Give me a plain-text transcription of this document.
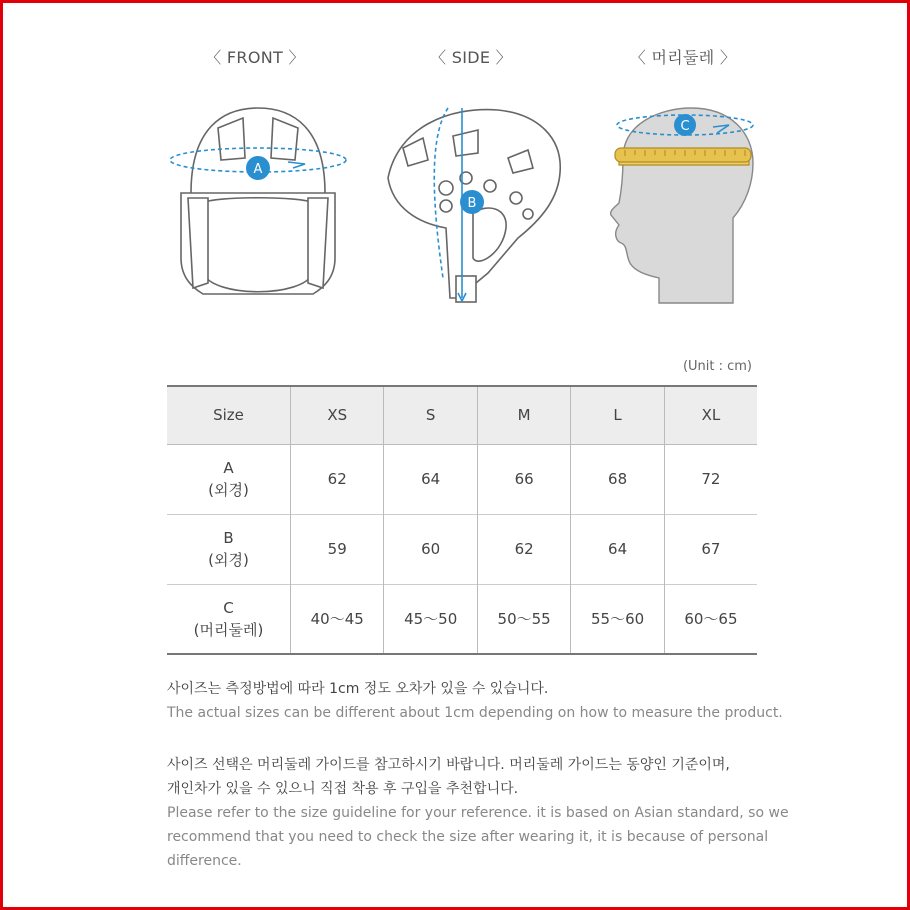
〈 FRONT 〉	〈 SIDE 〉	〈 머리둘레 〉
A
B
C
(Unit : cm)
Size	XS	S	M	L	XL

A
(외경)	62	64	66	68	72

B
(외경)	59	60	62	64	67

C
(머리둘레)	40～45	45～50	50～55	55～60	60～65
사이즈는 측정방법에 따라 1cm 정도 오차가 있을 수 있습니다.
The actual sizes can be different about 1cm depending on how to measure the product.
사이즈 선택은 머리둘레 가이드를 참고하시기 바랍니다. 머리둘레 가이드는 동양인 기준이며,
개인차가 있을 수 있으니 직접 착용 후 구입을 추천합니다.
Please refer to the size guideline for your reference. it is based on Asian standard, so we
recommend that you need to check the size after wearing it, it is because of personal
difference.
